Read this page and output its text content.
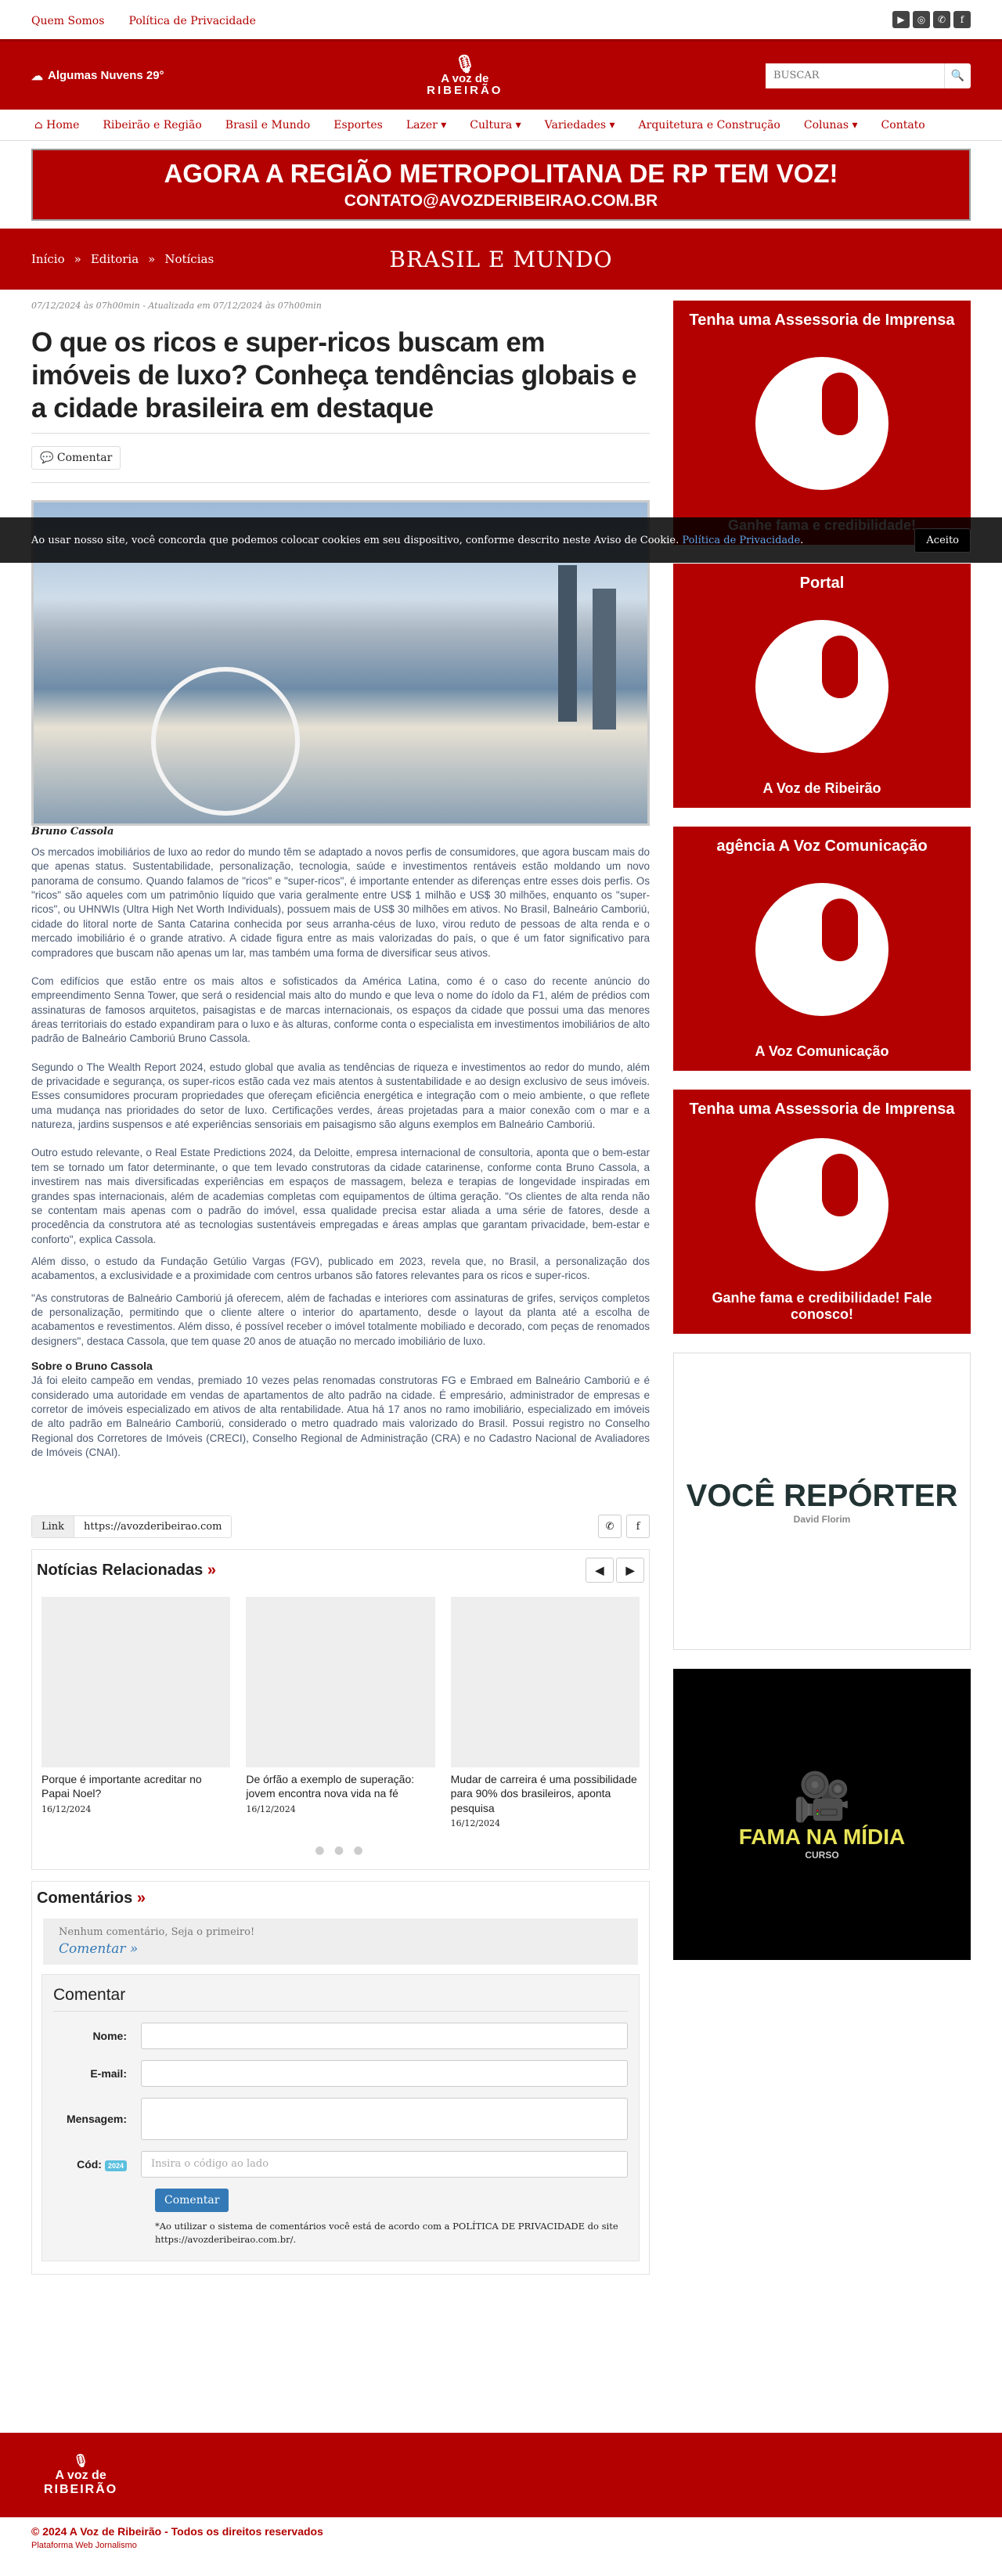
Quem Somos Política de Privacidade	▶	◎	✆	f
☁ Algumas Nuvens 29°
🎙
A voz de
RIBEIRÃO
BUSCAR
🔍
⌂ Home Ribeirão e Região Brasil e Mundo Esportes Lazer ▾ Cultura ▾ Variedades ▾ Arquitetura e Construção Colunas ▾ Contato
AGORA A REGIÃO METROPOLITANA DE RP TEM VOZ!
CONTATO@AVOZDERIBEIRAO.COM.BR
Início » Editoria » Notícias	BRASIL E MUNDO
Ao usar nosso site, você concorda que podemos colocar cookies em seu dispositivo, conforme descrito neste Aviso de Cookie. Política de Privacidade.	Aceito
07/12/2024 às 07h00min - Atualizada em 07/12/2024 às 07h00min
O que os ricos e super-ricos buscam em imóveis de luxo? Conheça tendências globais e a cidade brasileira em destaque
💬 Comentar
Bruno Cassola

Os mercados imobiliários de luxo ao redor do mundo têm se adaptado a novos perfis de consumidores, que agora buscam mais do que apenas status. Sustentabilidade, personalização, tecnologia, saúde e investimentos rentáveis estão moldando um novo panorama de consumo. Quando falamos de "ricos" e "super-ricos", é importante entender as diferenças entre esses dois perfis. Os "ricos" são aqueles com um patrimônio líquido que varia geralmente entre US$ 1 milhão e US$ 30 milhões, enquanto os "super-ricos", ou UHNWIs (Ultra High Net Worth Individuals), possuem mais de US$ 30 milhões em ativos. No Brasil, Balneário Camboriú, cidade do litoral norte de Santa Catarina conhecida por seus arranha-céus de luxo, virou reduto de pessoas de alta renda e o mercado imobiliário é o grande atrativo. A cidade figura entre as mais valorizadas do país, o que é um fator significativo para compradores que buscam não apenas um lar, mas também uma forma de diversificar seus ativos.

Com edifícios que estão entre os mais altos e sofisticados da América Latina, como é o caso do recente anúncio do empreendimento Senna Tower, que será o residencial mais alto do mundo e que leva o nome do ídolo da F1, além de prédios com assinaturas de famosos arquitetos, paisagistas e de marcas internacionais, os espaços da cidade que possui uma das menores áreas territoriais do estado expandiram para o luxo e às alturas, conforme conta o especialista em investimentos imobiliários de alto padrão de Balneário Camboriú Bruno Cassola.

Segundo o The Wealth Report 2024, estudo global que avalia as tendências de riqueza e investimentos ao redor do mundo, além de privacidade e segurança, os super-ricos estão cada vez mais atentos à sustentabilidade e ao design exclusivo de seus imóveis. Esses consumidores procuram propriedades que ofereçam eficiência energética e integração com o meio ambiente, o que reflete uma mudança nas prioridades do setor de luxo. Certificações verdes, áreas projetadas para a maior conexão com o mar e a natureza, jardins suspensos e até experiências sensoriais em paisagismo são alguns exemplos em Balneário Camboriú.

Outro estudo relevante, o Real Estate Predictions 2024, da Deloitte, empresa internacional de consultoria, aponta que o bem-estar tem se tornado um fator determinante, o que tem levado construtoras da cidade catarinense, conforme conta Bruno Cassola, a investirem nas mais diversificadas experiências em espaços de massagem, beleza e terapias de longevidade inspiradas em grandes spas internacionais, além de academias completas com equipamentos de última geração. "Os clientes de alta renda não se contentam mais apenas com o padrão do imóvel, essa qualidade precisa estar aliada a uma série de fatores, desde a procedência da construtora até as tecnologias sustentáveis empregadas e áreas amplas que garantam privacidade, bem-estar e conforto", explica Cassola.

Além disso, o estudo da Fundação Getúlio Vargas (FGV), publicado em 2023, revela que, no Brasil, a personalização dos acabamentos, a exclusividade e a proximidade com centros urbanos são fatores relevantes para os ricos e super-ricos.

"As construtoras de Balneário Camboriú já oferecem, além de fachadas e interiores com assinaturas de grifes, serviços completos de personalização, permitindo que o cliente altere o interior do apartamento, desde o layout da planta até a escolha de acabamentos e revestimentos. Além disso, é possível receber o imóvel totalmente mobiliado e decorado, com peças de renomados designers", destaca Cassola, que tem quase 20 anos de atuação no mercado imobiliário de luxo.

Sobre o Bruno Cassola

Já foi eleito campeão em vendas, premiado 10 vezes pelas renomadas construtoras FG e Embraed em Balneário Camboriú e é considerado uma autoridade em vendas de apartamentos de alto padrão na cidade. É empresário, administrador de empresas e corretor de imóveis especializado em ativos de alta rentabilidade. Atua há 17 anos no ramo imobiliário, especializado em imóveis de alto padrão em Balneário Camboriú, considerado o metro quadrado mais valorizado do Brasil. Possui registro no Conselho Regional dos Corretores de Imóveis (CRECI), Conselho Regional de Administração (CRA) e no Cadastro Nacional de Avaliadores de Imóveis (CNAI).

Link	https://avozderibeirao.com	✆	f
Notícias Relacionadas »	◀	▶
Porque é importante acreditar no Papai Noel?
16/12/2024
De órfão a exemplo de superação: jovem encontra nova vida na fé
16/12/2024
Mudar de carreira é uma possibilidade para 90% dos brasileiros, aponta pesquisa
16/12/2024
● ● ●
Comentários »
Nenhum comentário, Seja o primeiro!
Comentar »
Comentar
Nome:
E-mail:
Mensagem:
Cód: 2024	Insira o código ao lado
Comentar
*Ao utilizar o sistema de comentários você está de acordo com a POLÍTICA DE PRIVACIDADE do site https://avozderibeirao.com.br/.
Tenha uma Assessoria de Imprensa
Portal
A Voz de Ribeirão
agência A Voz Comunicação
A Voz Comunicação
Tenha uma Assessoria de Imprensa
Ganhe fama e credibilidade! Fale conosco!
VOCÊ REPÓRTER
David Florim
🎥
FAMA NA MÍDIA
CURSO
🎙
A voz de
RIBEIRÃO
© 2024 A Voz de Ribeirão - Todos os direitos reservados
Plataforma Web Jornalismo
